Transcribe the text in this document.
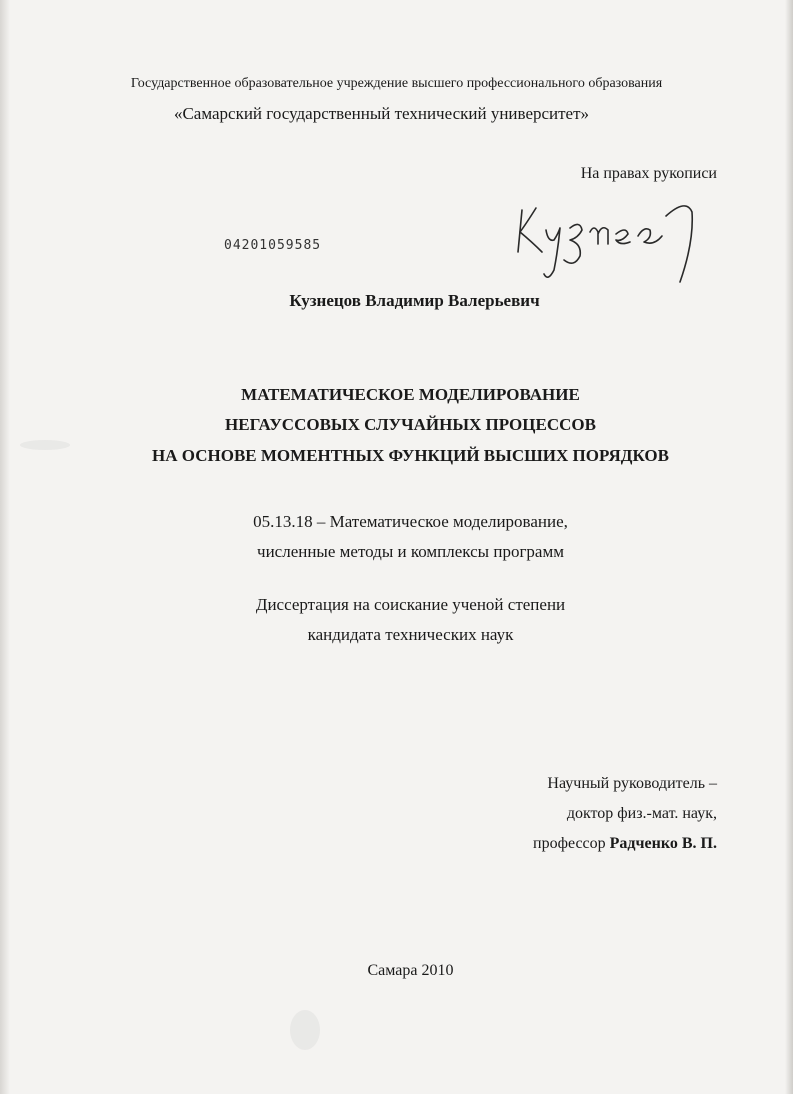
Государственное образовательное учреждение высшего профессионального образования
«Самарский государственный технический университет»
На правах рукописи
04201059585
Кузнецов Владимир Валерьевич
МАТЕМАТИЧЕСКОЕ МОДЕЛИРОВАНИЕ
НЕГАУССОВЫХ СЛУЧАЙНЫХ ПРОЦЕССОВ
НА ОСНОВЕ МОМЕНТНЫХ ФУНКЦИЙ ВЫСШИХ ПОРЯДКОВ
05.13.18 – Математическое моделирование,
численные методы и комплексы программ
Диссертация на соискание ученой степени
кандидата технических наук
Научный руководитель –
доктор физ.-мат. наук,
профессор Радченко В. П.
Самара 2010
